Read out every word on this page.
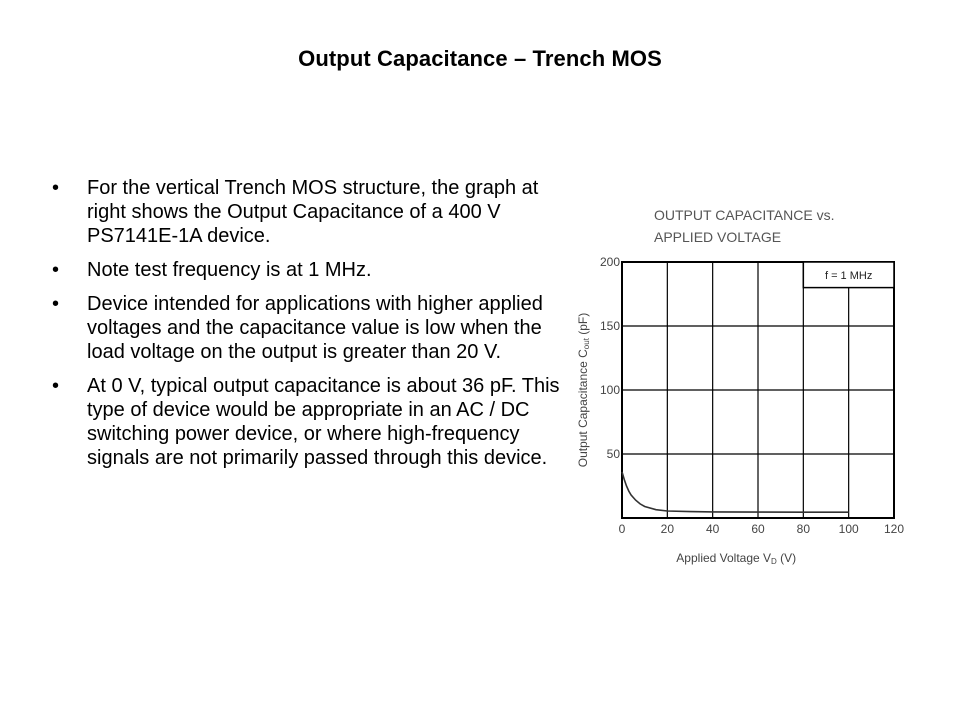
Output Capacitance – Trench MOS
• For the vertical Trench MOS structure, the graph at right shows the Output Capacitance of a 400 V PS7141E-1A device.
• Note test frequency is at 1 MHz.
• Device intended for applications with higher applied voltages and the capacitance value is low when the load voltage on the output is greater than 20 V.
• At 0 V, typical output capacitance is about 36 pF. This type of device would be appropriate in an AC / DC switching power device, or where high-frequency signals are not primarily passed through this device.
OUTPUT CAPACITANCE vs.
APPLIED VOLTAGE
0	20	40	60	80 100 120
50
100
150
200
f = 1 MHz
Applied Voltage VD (V)
Output Capacitance Cout (pF)
